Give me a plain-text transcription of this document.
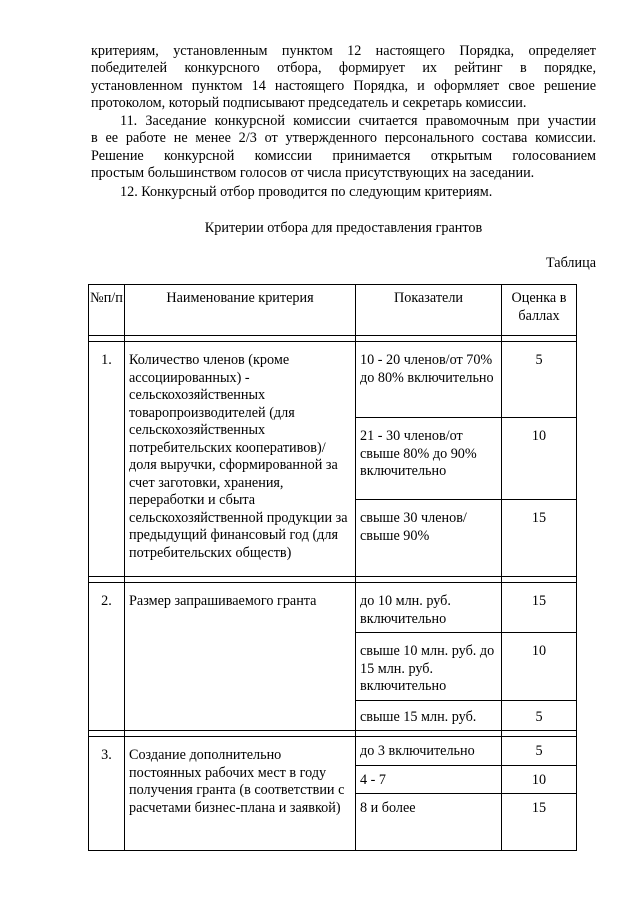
критериям, установленным пунктом 12 настоящего Порядка, определяет
победителей конкурсного отбора, формирует их рейтинг в порядке,
установленном пунктом 14 настоящего Порядка, и оформляет свое решение
протоколом, который подписывают председатель и секретарь комиссии.
11. Заседание конкурсной комиссии считается правомочным при участии
в ее работе не менее 2/3 от утвержденного персонального состава комиссии.
Решение конкурсной комиссии принимается открытым голосованием
простым большинством голосов от числа присутствующих на заседании.
12. Конкурсный отбор проводится по следующим критериям.
Критерии отбора для предоставления грантов
Таблица
№п/п	Наименование критерия	Показатели	Оценка в баллах

1.	Количество членов (кроме ассоциированных) - сельскохозяйственных товаропроизводителей (для сельскохозяйственных потребительских кооперативов)/доля выручки, сформированной за счет заготовки, хранения, переработки и сбыта сельскохозяйственной продукции за предыдущий финансовый год (для потребительских обществ)	10 - 20 членов/от 70% до 80% включительно	5
		21 - 30 членов/от свыше 80% до 90% включительно	10
		свыше 30 членов/свыше 90%	15

2.	Размер запрашиваемого гранта	до 10 млн. руб. включительно	15
		свыше 10 млн. руб. до 15 млн. руб. включительно	10
		свыше 15 млн. руб.	5

3.	Создание дополнительно постоянных рабочих мест в году получения гранта (в соответствии с расчетами бизнес-плана и заявкой)	до 3 включительно	5
		4 - 7	10
		8 и более	15
